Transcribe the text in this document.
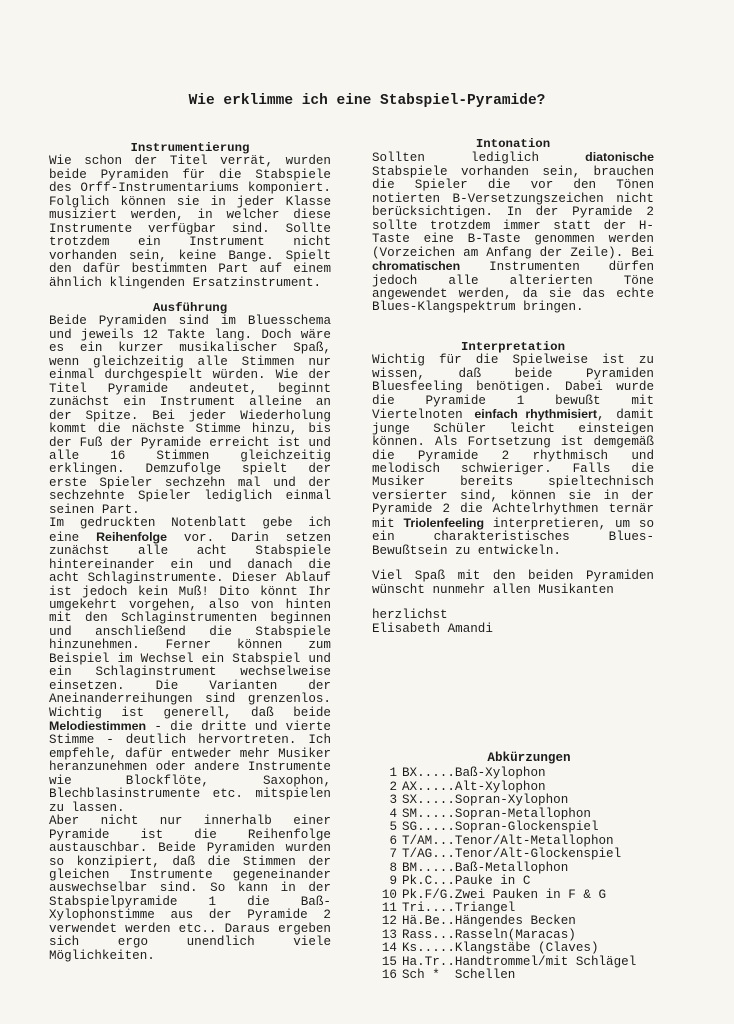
Wie erklimme ich eine Stabspiel-Pyramide?
Instrumentierung

Wie schon der Titel verrät, wurden beide Pyramiden für die Stabspiele des Orff-Instrumentariums komponiert. Folglich können sie in jeder Klasse musiziert werden, in welcher diese Instrumente verfügbar sind. Sollte trotzdem ein Instrument nicht vorhanden sein, keine Bange. Spielt den dafür bestimmten Part auf einem ähnlich klingenden Ersatzinstrument.

Ausführung

Beide Pyramiden sind im Bluesschema und jeweils 12 Takte lang. Doch wäre es ein kurzer musikalischer Spaß, wenn gleichzeitig alle Stimmen nur einmal durchgespielt würden. Wie der Titel Pyramide andeutet, beginnt zunächst ein Instrument alleine an der Spitze. Bei jeder Wiederholung kommt die nächste Stimme hinzu, bis der Fuß der Pyramide erreicht ist und alle 16 Stimmen gleichzeitig erklingen. Demzufolge spielt der erste Spieler sechzehn mal und der sechzehnte Spieler lediglich einmal seinen Part.

Im gedruckten Notenblatt gebe ich eine Reihenfolge vor. Darin setzen zunächst alle acht Stabspiele hintereinander ein und danach die acht Schlaginstrumente. Dieser Ablauf ist jedoch kein Muß! Dito könnt Ihr umgekehrt vorgehen, also von hinten mit den Schlaginstrumenten beginnen und anschließend die Stabspiele hinzunehmen. Ferner können zum Beispiel im Wechsel ein Stabspiel und ein Schlaginstrument wechselweise einsetzen. Die Varianten der Aneinanderreihungen sind grenzenlos. Wichtig ist generell, daß beide Melodiestimmen - die dritte und vierte Stimme - deutlich hervortreten. Ich empfehle, dafür entweder mehr Musiker heranzunehmen oder andere Instrumente wie Blockflöte, Saxophon, Blechblasinstrumente etc. mitspielen zu lassen.

Aber nicht nur innerhalb einer Pyramide ist die Reihenfolge austauschbar. Beide Pyramiden wurden so konzipiert, daß die Stimmen der gleichen Instrumente gegeneinander auswechselbar sind. So kann in der Stabspielpyramide 1 die Baß-Xylophonstimme aus der Pyramide 2 verwendet werden etc.. Daraus ergeben sich ergo unendlich viele Möglichkeiten.

Intonation

Sollten lediglich	diatonische Stabspiele vorhanden sein, brauchen die Spieler die vor den Tönen notierten B-Versetzungszeichen nicht berücksichtigen. In der Pyramide 2 sollte trotzdem immer statt der H-Taste eine B-Taste genommen werden (Vorzeichen am Anfang der Zeile). Bei chromatischen Instrumenten dürfen jedoch alle alterierten Töne angewendet werden, da sie das echte Blues-Klangspektrum bringen.

Interpretation

Wichtig für die Spielweise ist zu wissen, daß beide Pyramiden Bluesfeeling benötigen. Dabei wurde die Pyramide 1 bewußt mit Viertelnoten einfach rhythmisiert, damit junge Schüler leicht einsteigen können. Als Fortsetzung ist demgemäß die Pyramide 2 rhythmisch und melodisch schwieriger. Falls die Musiker bereits spieltechnisch versierter sind, können sie in der Pyramide 2 die Achtelrhythmen ternär mit Triolenfeeling interpretieren, um so ein charakteristisches Blues-Bewußtsein zu entwickeln.

Viel Spaß mit den beiden Pyramiden wünscht nunmehr allen Musikanten

herzlichst

Elisabeth Amandi

Abkürzungen
1 BX..... Baß-Xylophon
2 AX..... Alt-Xylophon
3 SX..... Sopran-Xylophon
4 SM..... Sopran-Metallophon
5 SG..... Sopran-Glockenspiel
6 T/AM... Tenor/Alt-Metallophon
7 T/AG... Tenor/Alt-Glockenspiel
8 BM..... Baß-Metallophon
9 Pk.C... Pauke in C
10 Pk.F/G. Zwei Pauken in F & G
11 Tri.... Triangel
12 Hä.Be.. Hängendes Becken
13 Rass... Rasseln(Maracas)
14 Ks..... Klangstäbe (Claves)
15 Ha.Tr.. Handtrommel/mit Schlägel
16 Sch * Schellen
